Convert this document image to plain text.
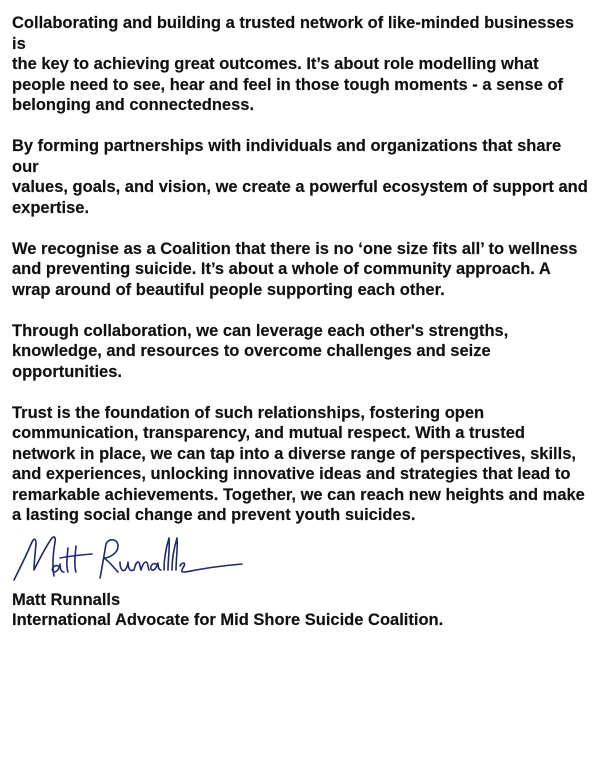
Collaborating and building a trusted network of like-minded businesses is
the key to achieving great outcomes. It’s about role modelling what
people need to see, hear and feel in those tough moments - a sense of
belonging and connectedness.

By forming partnerships with individuals and organizations that share our
values, goals, and vision, we create a powerful ecosystem of support and
expertise.

We recognise as a Coalition that there is no ‘one size fits all’ to wellness
and preventing suicide. It’s about a whole of community approach. A
wrap around of beautiful people supporting each other.

Through collaboration, we can leverage each other's strengths,
knowledge, and resources to overcome challenges and seize
opportunities.

Trust is the foundation of such relationships, fostering open
communication, transparency, and mutual respect. With a trusted
network in place, we can tap into a diverse range of perspectives, skills,
and experiences, unlocking innovative ideas and strategies that lead to
remarkable achievements. Together, we can reach new heights and make
a lasting social change and prevent youth suicides.

Matt Runnalls

International Advocate for Mid Shore Suicide Coalition.
